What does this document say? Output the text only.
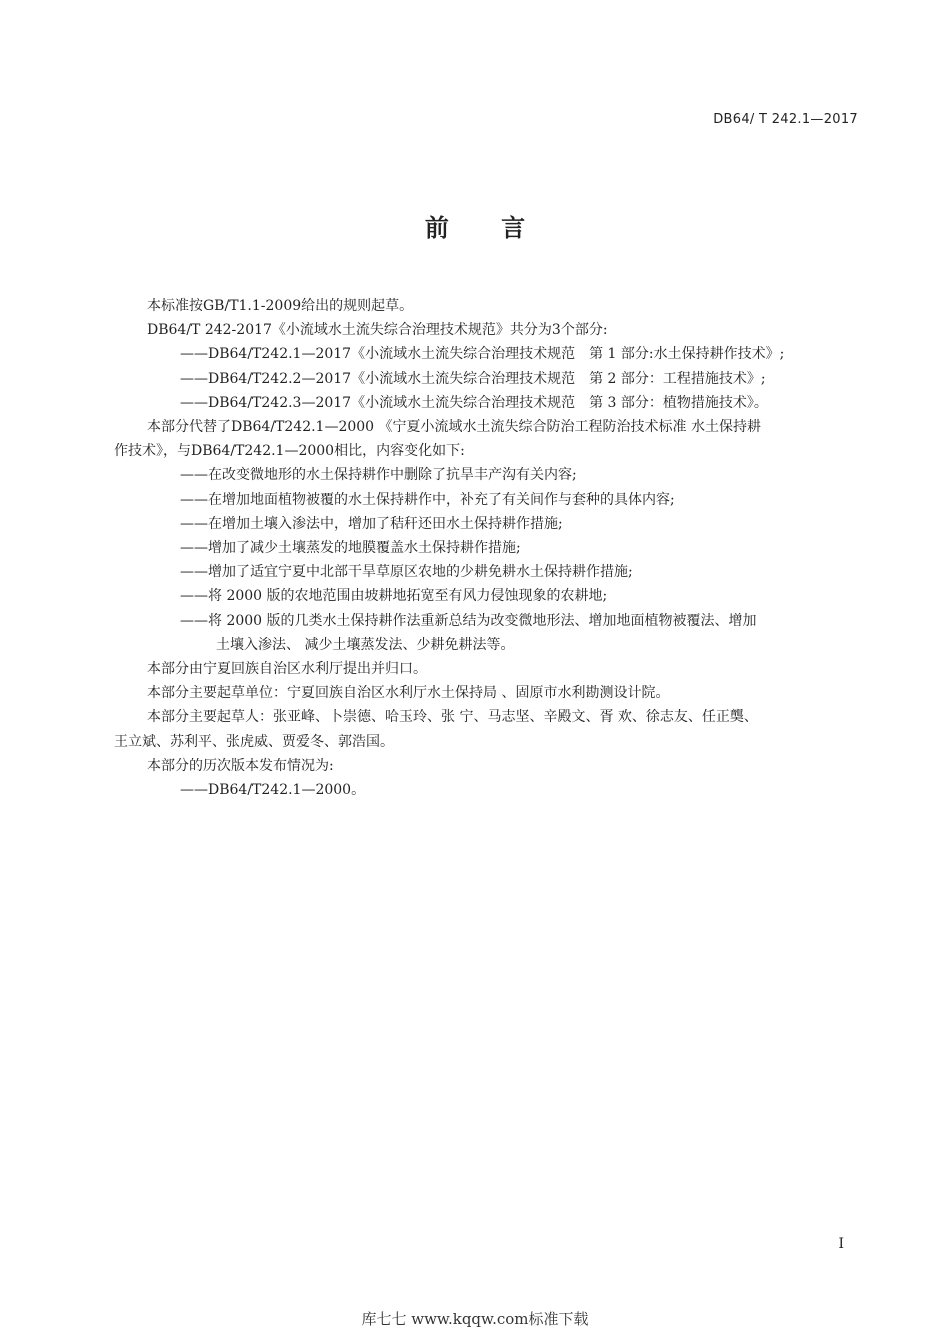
DB64/ T 242.1—2017
前 言

本标准按GB/T1.1-2009给出的规则起草。

DB64/T 242-2017《小流域水土流失综合治理技术规范》共分为3个部分:

——DB64/T242.1—2017《小流域水土流失综合治理技术规范　第 1 部分:水土保持耕作技术》;

——DB64/T242.2—2017《小流域水土流失综合治理技术规范　第 2 部分：工程措施技术》;

——DB64/T242.3—2017《小流域水土流失综合治理技术规范　第 3 部分：植物措施技术》。

本部分代替了DB64/T242.1—2000 《宁夏小流域水土流失综合防治工程防治技术标准 水土保持耕

作技术》，与DB64/T242.1—2000相比，内容变化如下:

——在改变微地形的水土保持耕作中删除了抗旱丰产沟有关内容;

——在增加地面植物被覆的水土保持耕作中，补充了有关间作与套种的具体内容;

——在增加土壤入渗法中，增加了秸秆还田水土保持耕作措施;

——增加了减少土壤蒸发的地膜覆盖水土保持耕作措施;

——增加了适宜宁夏中北部干旱草原区农地的少耕免耕水土保持耕作措施;

——将 2000 版的农地范围由坡耕地拓宽至有风力侵蚀现象的农耕地;

——将 2000 版的几类水土保持耕作法重新总结为改变微地形法、增加地面植物被覆法、增加

土壤入渗法、 减少土壤蒸发法、少耕免耕法等。

本部分由宁夏回族自治区水利厅提出并归口。

本部分主要起草单位：宁夏回族自治区水利厅水土保持局 、固原市水利勘测设计院。

本部分主要起草人：张亚峰、卜崇德、哈玉玲、张 宁、马志坚、辛殿文、胥 欢、徐志友、任正龑、

王立斌、苏利平、张虎威、贾爱冬、郭浩国。

本部分的历次版本发布情况为:

——DB64/T242.1—2000。

I
库七七 www.kqqw.com标准下载
